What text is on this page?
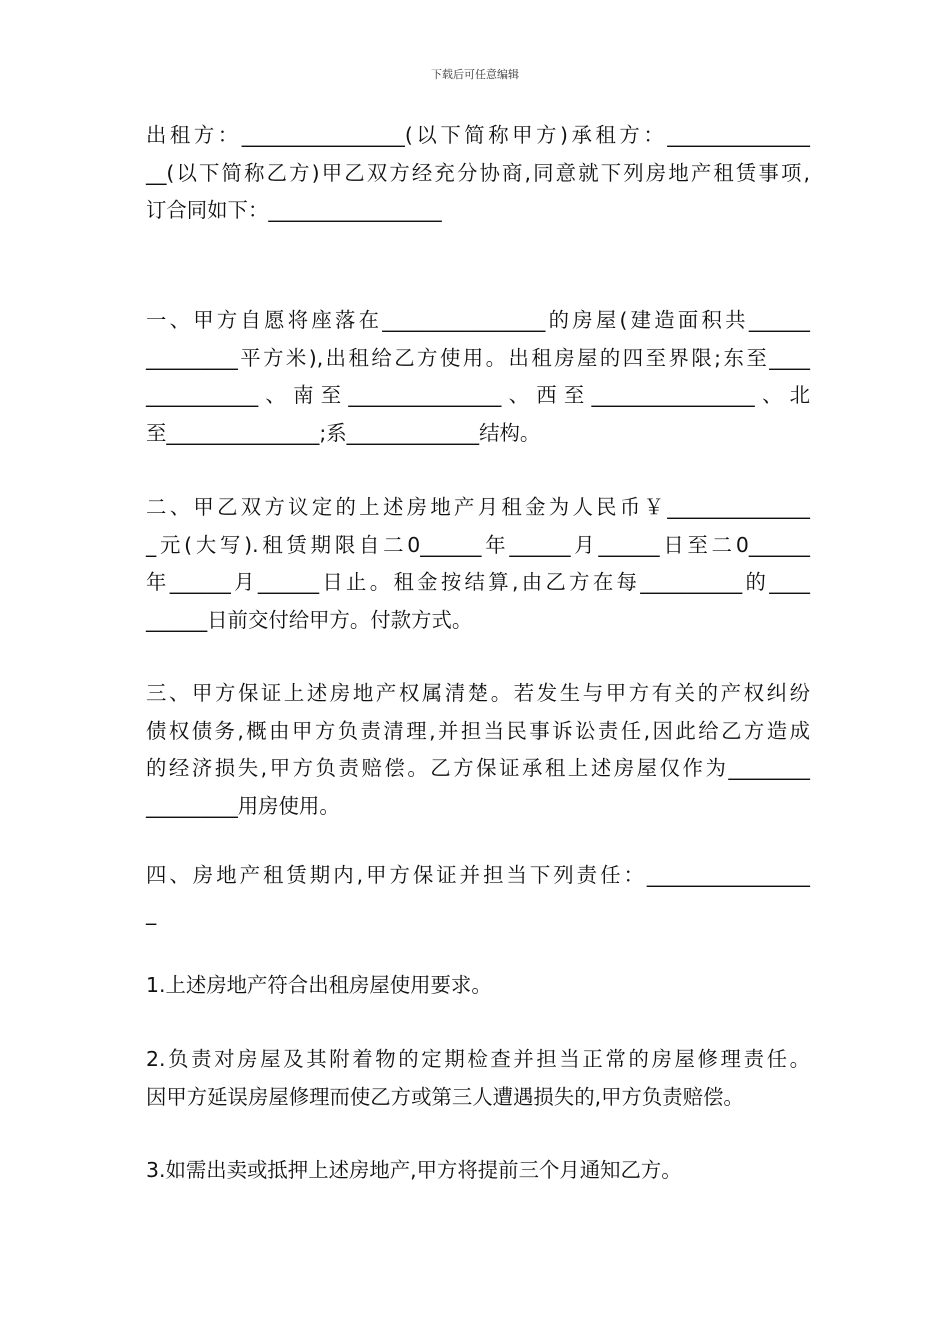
下载后可任意编辑
出租方：________________(以下简称甲方)承租方：______________
__(以下简称乙方)甲乙双方经充分协商,同意就下列房地产租赁事项,
订合同如下：_________________
一、甲方自愿将座落在________________的房屋(建造面积共______
_________平方米),出租给乙方使用。出租房屋的四至界限;东至____
___________、南至_______________、西至________________、北
至_______________;系_____________结构。
二、甲乙双方议定的上述房地产月租金为人民币￥______________
_元(大写).租赁期限自二0______年______月______日至二0______
年______月______日止。租金按结算,由乙方在每__________的____
______日前交付给甲方。付款方式。
三、甲方保证上述房地产权属清楚。若发生与甲方有关的产权纠纷
债权债务,概由甲方负责清理,并担当民事诉讼责任,因此给乙方造成
的经济损失,甲方负责赔偿。乙方保证承租上述房屋仅作为________
_________用房使用。
四、房地产租赁期内,甲方保证并担当下列责任：________________
_
1.上述房地产符合出租房屋使用要求。
2.负责对房屋及其附着物的定期检查并担当正常的房屋修理责任。
因甲方延误房屋修理而使乙方或第三人遭遇损失的,甲方负责赔偿。
3.如需出卖或抵押上述房地产,甲方将提前三个月通知乙方。
